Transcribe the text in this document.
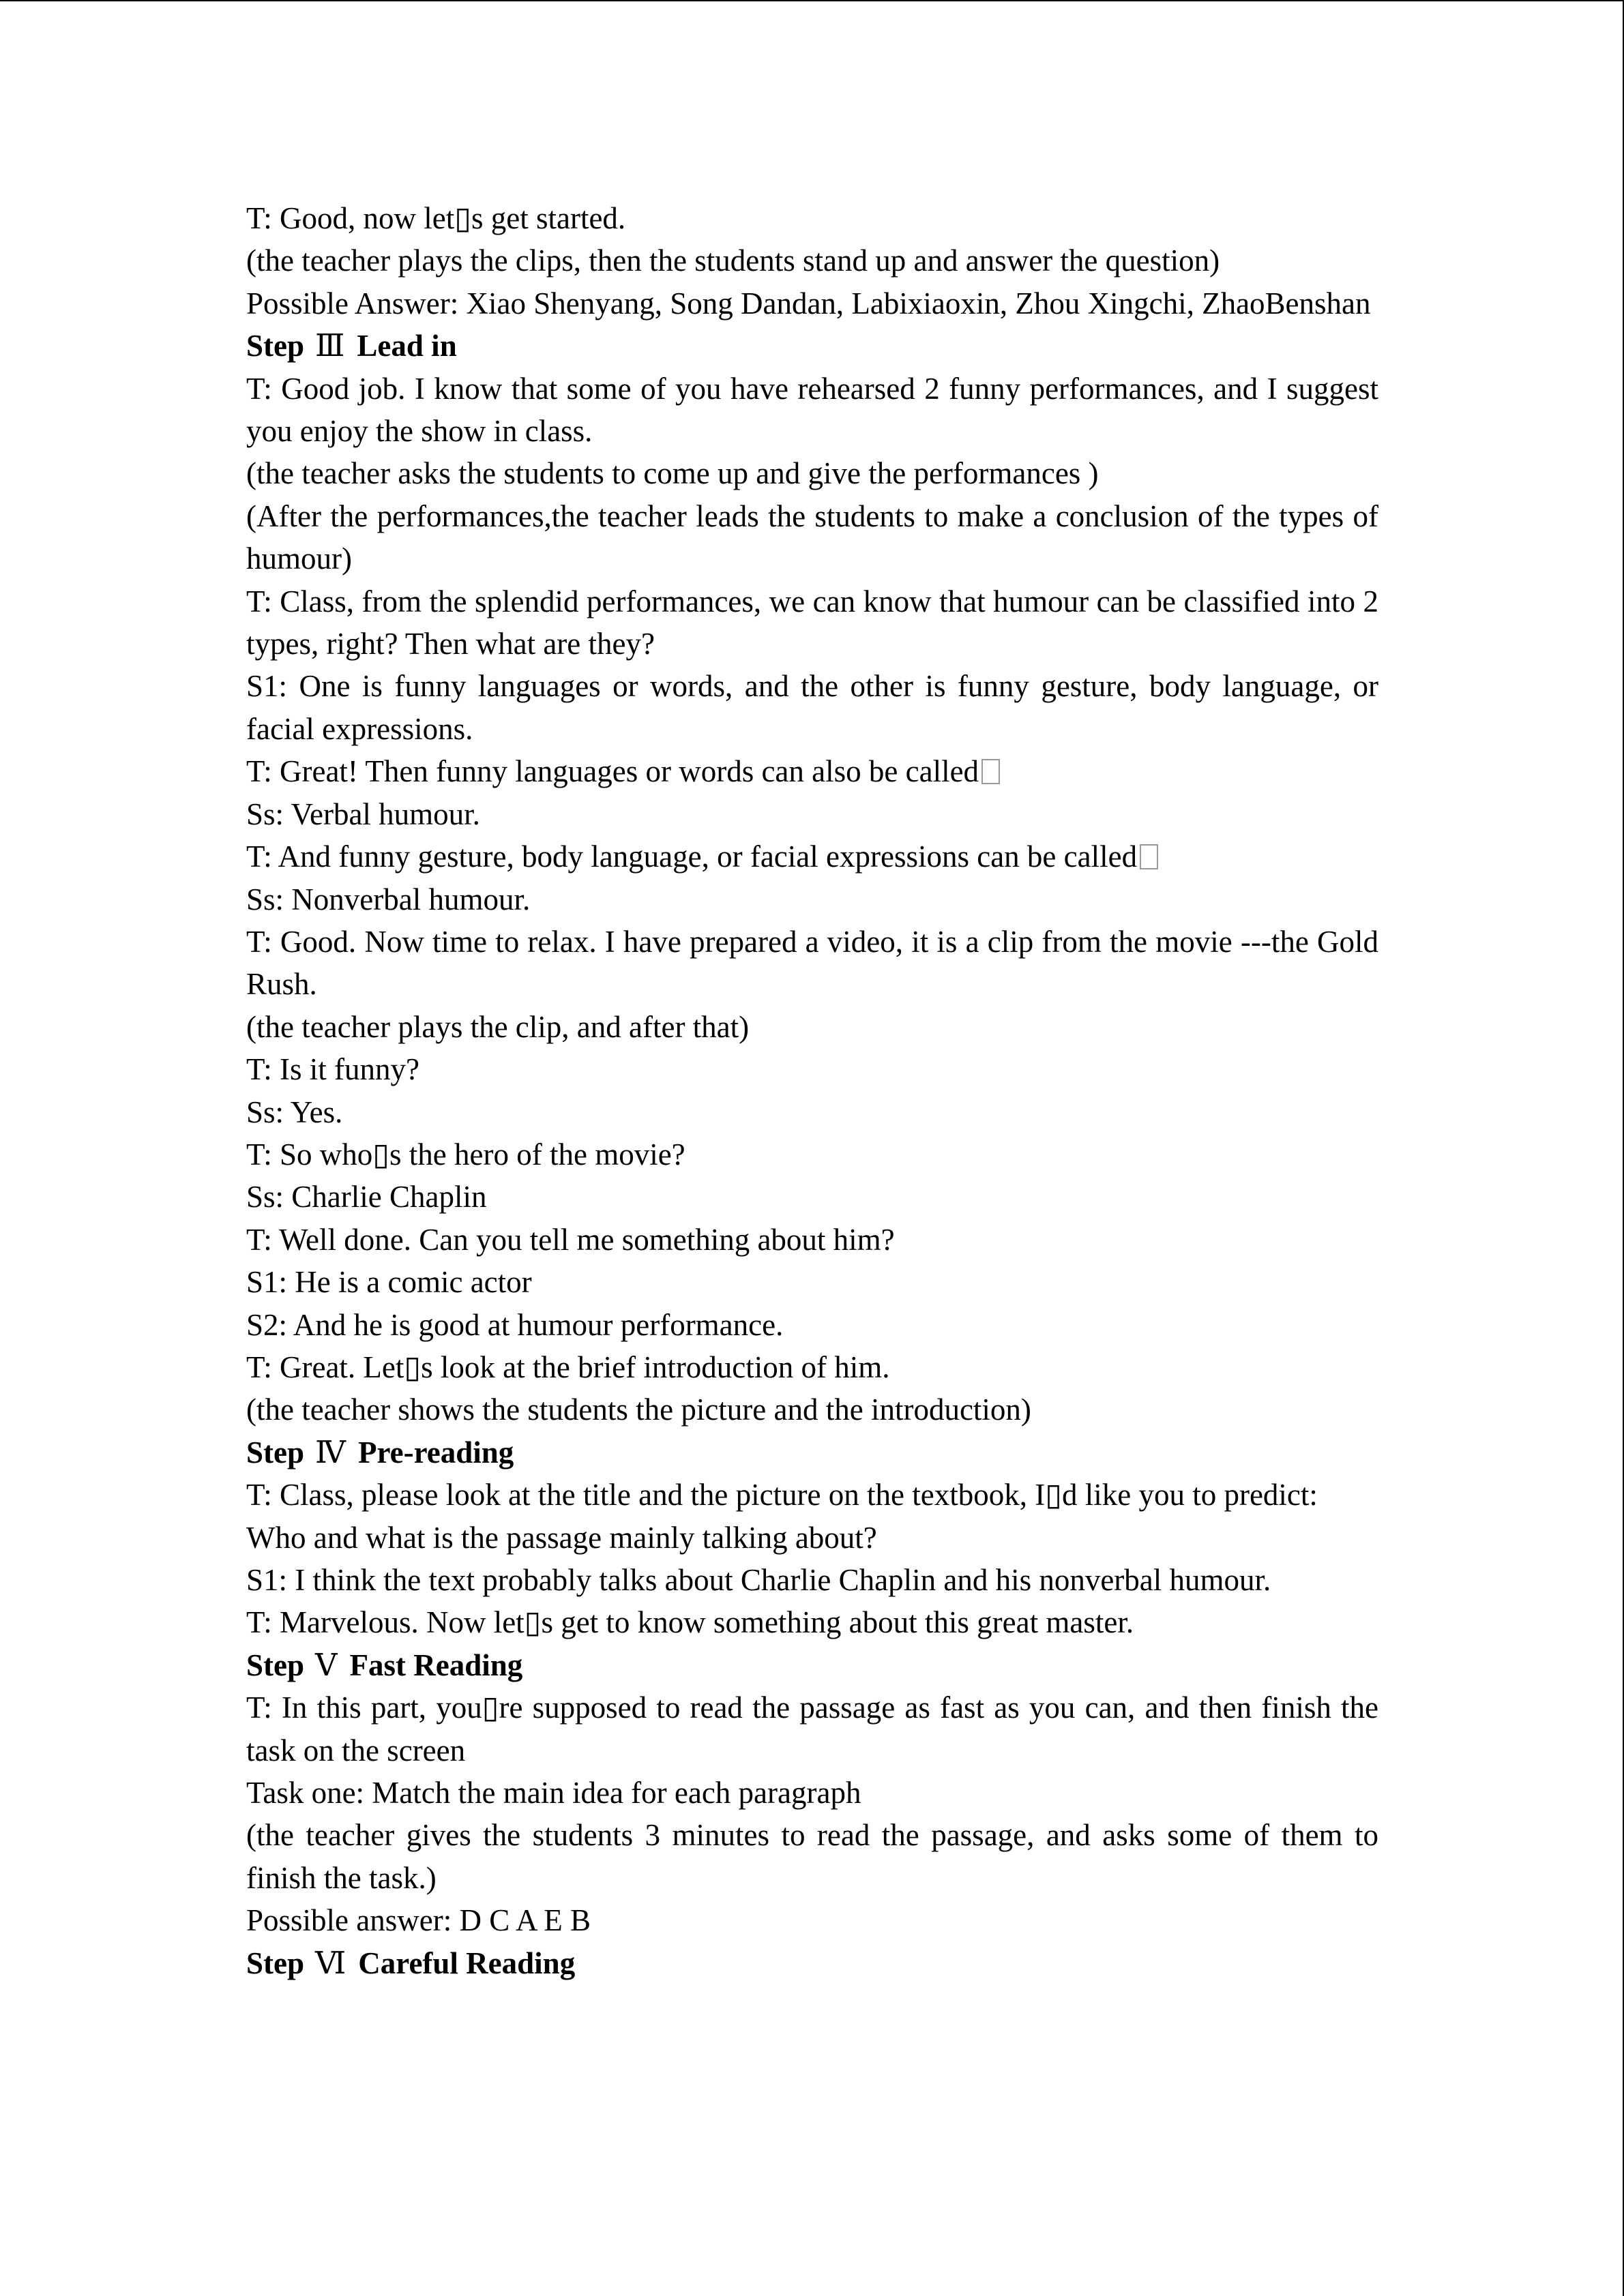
T: Good, now let▯s get started.

(the teacher plays the clips, then the students stand up and answer the question)

Possible Answer: Xiao Shenyang, Song Dandan, Labixiaoxin, Zhou Xingchi, ZhaoBenshan

Step Ⅲ Lead in

T: Good job. I know that some of you have rehearsed 2 funny performances, and I suggest you enjoy the show in class.

(the teacher asks the students to come up and give the performances )

(After the performances,the teacher leads the students to make a conclusion of the types of humour)

T: Class, from the splendid performances, we can know that humour can be classified into 2 types, right? Then what are they?

S1: One is funny languages or words, and the other is funny gesture, body language, or facial expressions.

T: Great! Then funny languages or words can also be called

Ss: Verbal humour.

T: And funny gesture, body language, or facial expressions can be called

Ss: Nonverbal humour.

T: Good. Now time to relax. I have prepared a video, it is a clip from the movie ---the Gold Rush.

(the teacher plays the clip, and after that)

T: Is it funny?

Ss: Yes.

T: So who▯s the hero of the movie?

Ss: Charlie Chaplin

T: Well done. Can you tell me something about him?

S1: He is a comic actor

S2: And he is good at humour performance.

T: Great. Let▯s look at the brief introduction of him.

(the teacher shows the students the picture and the introduction)

Step Ⅳ Pre-reading

T: Class, please look at the title and the picture on the textbook, I▯d like you to predict:

Who and what is the passage mainly talking about?

S1: I think the text probably talks about Charlie Chaplin and his nonverbal humour.

T: Marvelous. Now let▯s get to know something about this great master.

Step Ⅴ Fast Reading

T: In this part, you▯re supposed to read the passage as fast as you can, and then finish the task on the screen

Task one: Match the main idea for each paragraph

(the teacher gives the students 3 minutes to read the passage, and asks some of them to finish the task.)

Possible answer: D C A E B

Step Ⅵ Careful Reading
